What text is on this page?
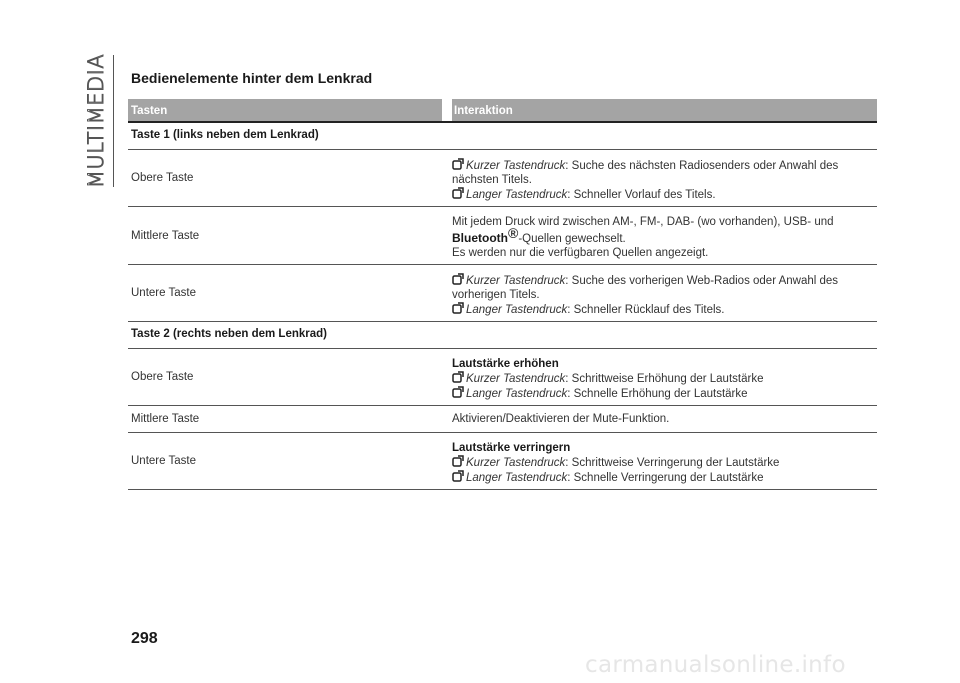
MULTIMEDIA Bedienelemente hinter dem Lenkrad
Tasten	Interaktion
Taste 1 (links neben dem Lenkrad)
Obere Taste
Kurzer Tastendruck: Suche des nächsten Radiosenders oder Anwahl des
nächsten Titels.
Langer Tastendruck: Schneller Vorlauf des Titels.
Mittlere Taste
Mit jedem Druck wird zwischen AM-, FM-, DAB- (wo vorhanden), USB- und
Bluetooth®-Quellen gewechselt.
Es werden nur die verfügbaren Quellen angezeigt.
Untere Taste
Kurzer Tastendruck: Suche des vorherigen Web-Radios oder Anwahl des
vorherigen Titels.
Langer Tastendruck: Schneller Rücklauf des Titels.
Taste 2 (rechts neben dem Lenkrad)
Obere Taste
Lautstärke erhöhen
Kurzer Tastendruck: Schrittweise Erhöhung der Lautstärke
Langer Tastendruck: Schnelle Erhöhung der Lautstärke
Mittlere Taste	Aktivieren/Deaktivieren der Mute-Funktion.
Untere Taste
Lautstärke verringern
Kurzer Tastendruck: Schrittweise Verringerung der Lautstärke
Langer Tastendruck: Schnelle Verringerung der Lautstärke
298
carmanualsonline.info
